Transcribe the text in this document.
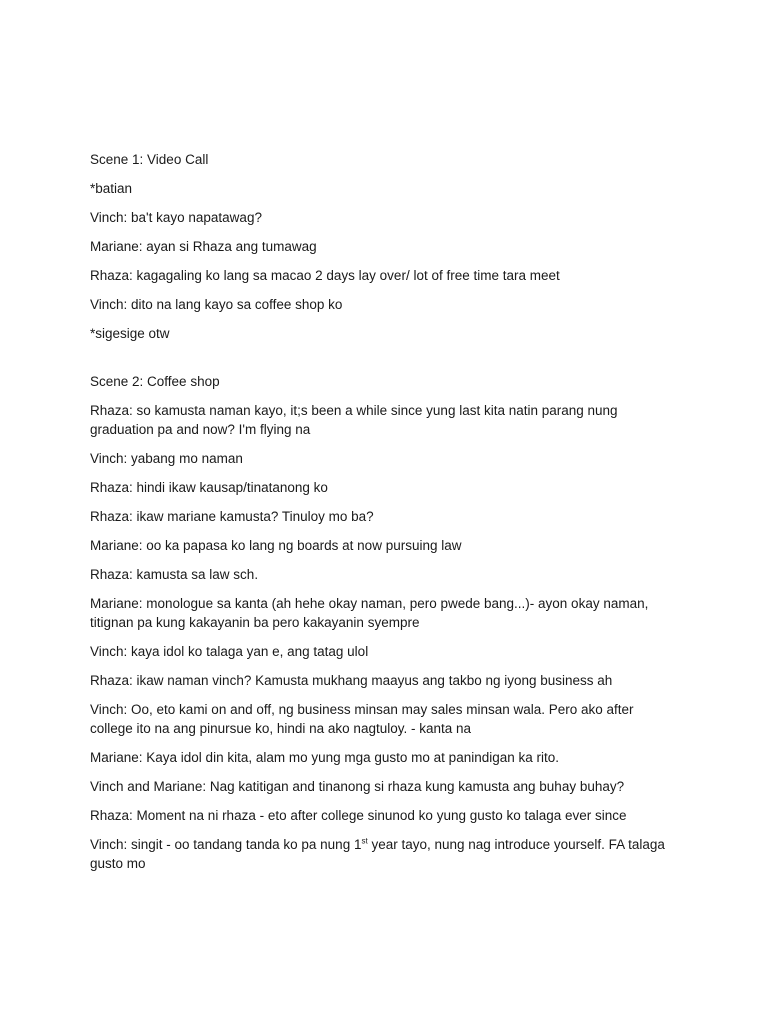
Scene 1: Video Call
*batian
Vinch: ba't kayo napatawag?
Mariane: ayan si Rhaza ang tumawag
Rhaza: kagagaling ko lang sa macao 2 days lay over/ lot of free time tara meet
Vinch: dito na lang kayo sa coffee shop ko
*sigesige otw
Scene 2: Coffee shop
Rhaza: so kamusta naman kayo, it;s been a while since yung last kita natin parang nung graduation pa and now? I'm flying na
Vinch: yabang mo naman
Rhaza: hindi ikaw kausap/tinatanong ko
Rhaza: ikaw mariane kamusta? Tinuloy mo ba?
Mariane: oo ka papasa ko lang ng boards at now pursuing law
Rhaza: kamusta sa law sch.
Mariane: monologue sa kanta (ah hehe okay naman, pero pwede bang...)- ayon okay naman, titignan pa kung kakayanin ba pero kakayanin syempre
Vinch: kaya idol ko talaga yan e, ang tatag ulol
Rhaza: ikaw naman vinch? Kamusta mukhang maayus ang takbo ng iyong business ah
Vinch: Oo, eto kami on and off, ng business minsan may sales minsan wala. Pero ako after college ito na ang pinursue ko, hindi na ako nagtuloy. - kanta na
Mariane: Kaya idol din kita, alam mo yung mga gusto mo at panindigan ka rito.
Vinch and Mariane: Nag katitigan and tinanong si rhaza kung kamusta ang buhay buhay?
Rhaza: Moment na ni rhaza - eto after college sinunod ko yung gusto ko talaga ever since
Vinch: singit - oo tandang tanda ko pa nung 1st year tayo, nung nag introduce yourself. FA talaga gusto mo
